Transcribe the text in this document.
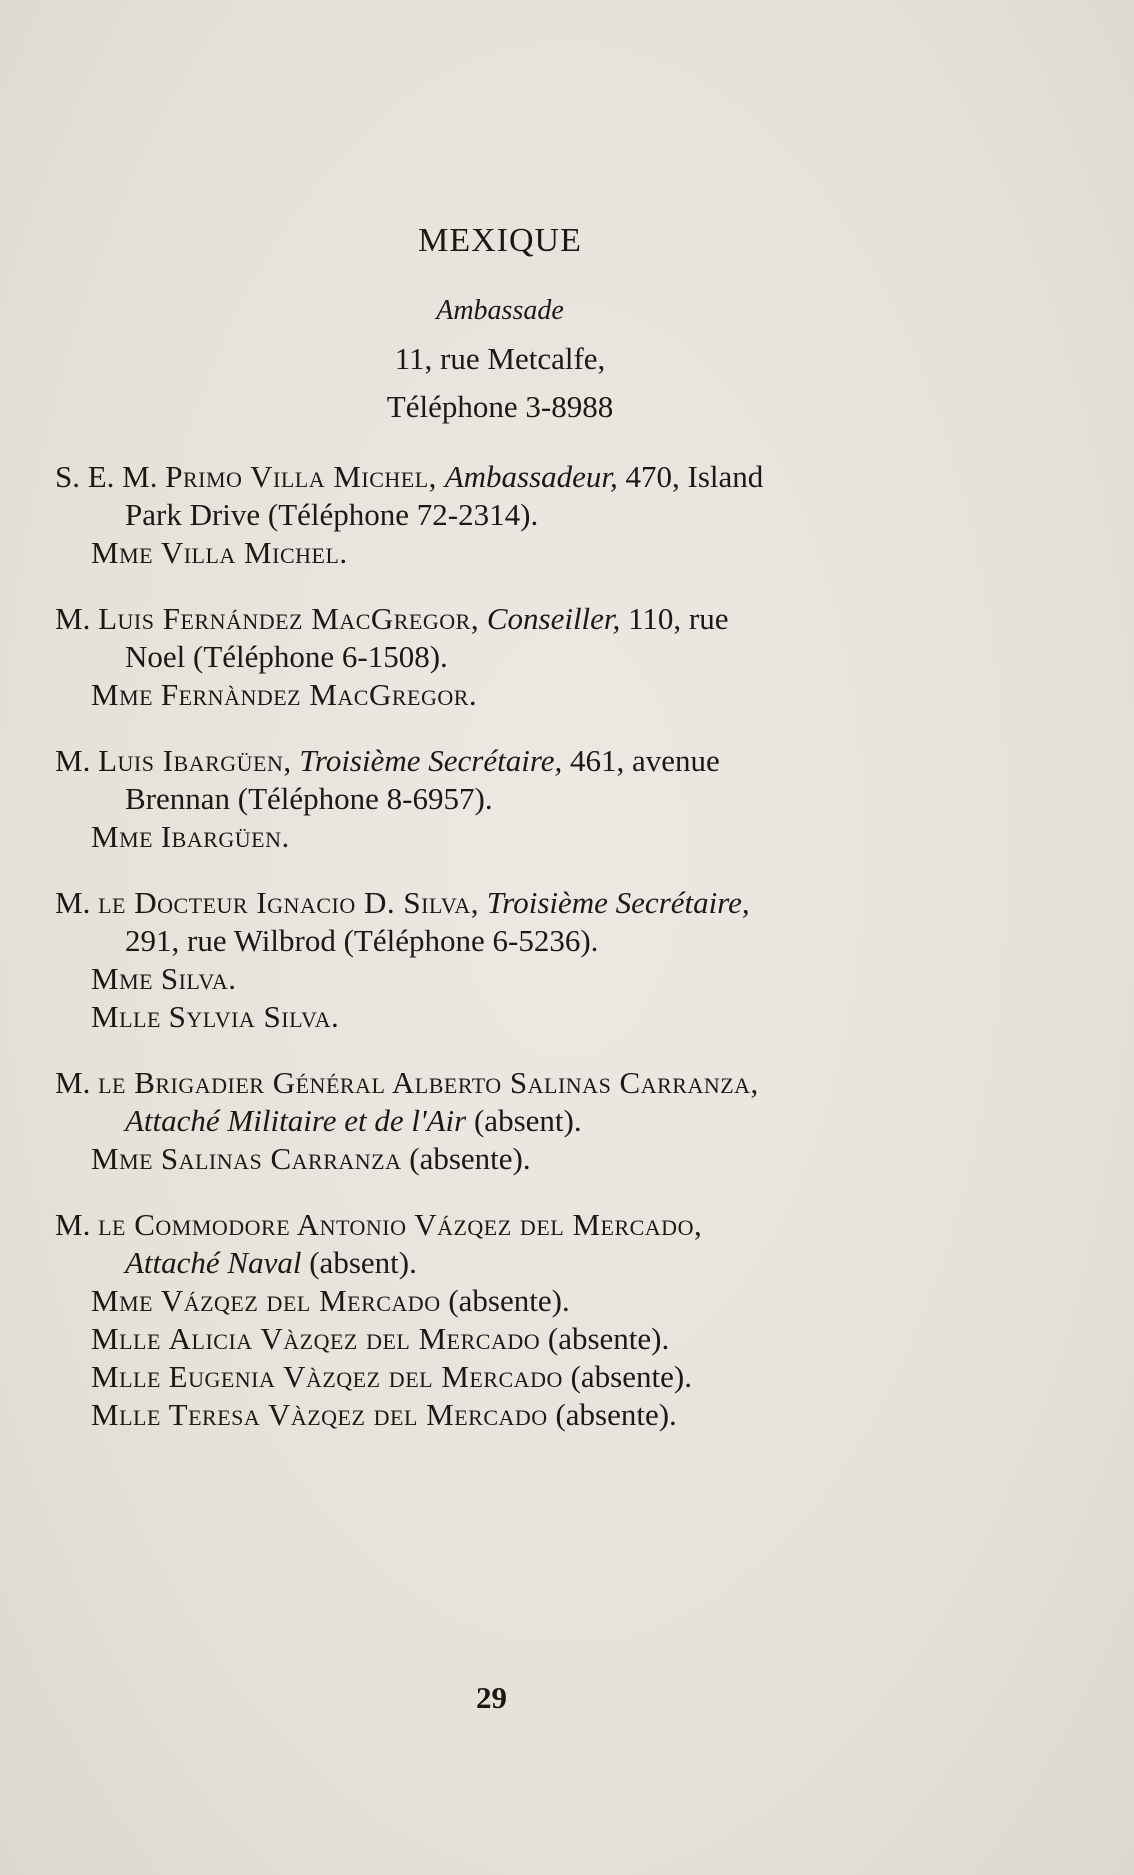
MEXIQUE
Ambassade
11, rue Metcalfe,
Téléphone 3-8988
S. E. M. Primo Villa Michel, Ambassadeur, 470, Island
Park Drive (Téléphone 72-2314).
Mme Villa Michel.
M. Luis Fernández MacGregor, Conseiller, 110, rue
Noel (Téléphone 6-1508).
Mme Fernàndez MacGregor.
M. Luis Ibargüen, Troisième Secrétaire, 461, avenue
Brennan (Téléphone 8-6957).
Mme Ibargüen.
M. le Docteur Ignacio D. Silva, Troisième Secrétaire,
291, rue Wilbrod (Téléphone 6-5236).
Mme Silva.
Mlle Sylvia Silva.
M. le Brigadier Général Alberto Salinas Carranza,
Attaché Militaire et de l'Air (absent).
Mme Salinas Carranza (absente).
M. le Commodore Antonio Vázqez del Mercado,
Attaché Naval (absent).
Mme Vázqez del Mercado (absente).
Mlle Alicia Vàzqez del Mercado (absente).
Mlle Eugenia Vàzqez del Mercado (absente).
Mlle Teresa Vàzqez del Mercado (absente).
29
